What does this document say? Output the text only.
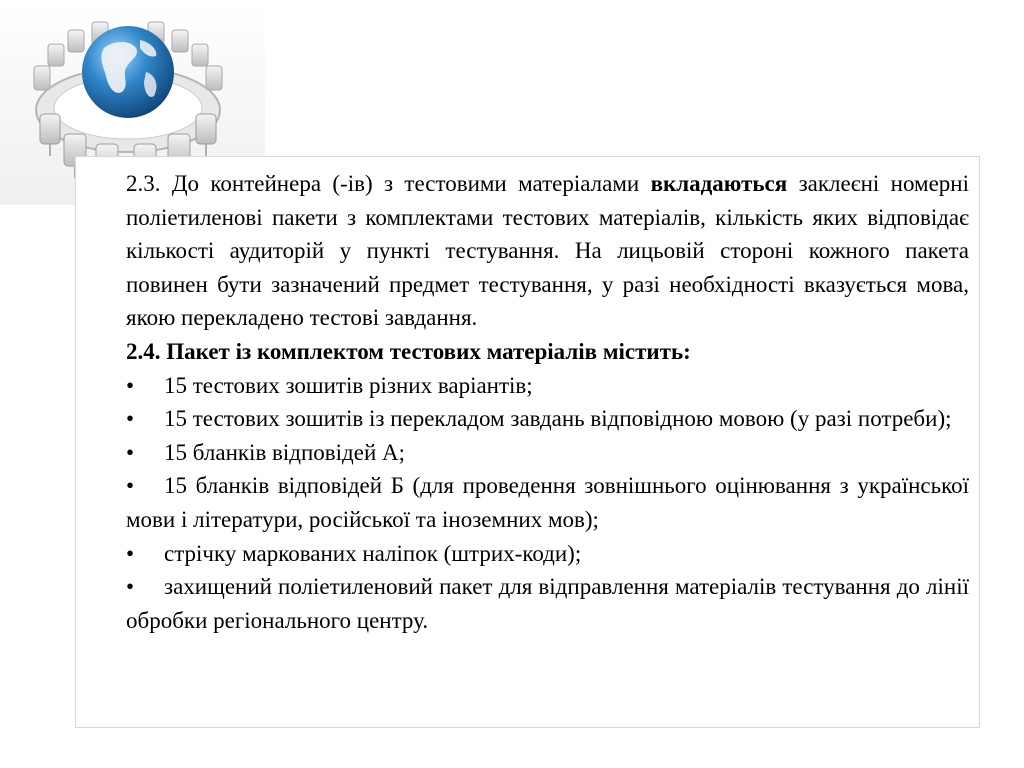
2.3. До контейнера (-ів) з тестовими матеріалами вкладаються заклеєні номерні поліетиленові пакети з комплектами тестових матеріалів, кількість яких відповідає кількості аудиторій у пункті тестування. На лицьовій стороні кожного пакета повинен бути зазначений предмет тестування, у разі необхідності вказується мова, якою перекладено тестові завдання.

2.4. Пакет із комплектом тестових матеріалів містить:

• 15 тестових зошитів різних варіантів;

• 15 тестових зошитів із перекладом завдань відповідною мовою (у разі потреби);

• 15 бланків відповідей А;

• 15 бланків відповідей Б (для проведення зовнішнього оцінювання з української мови і літератури, російської та іноземних мов);

• стрічку маркованих наліпок (штрих-коди);

• захищений поліетиленовий пакет для відправлення матеріалів тестування до лінії обробки регіонального центру.
